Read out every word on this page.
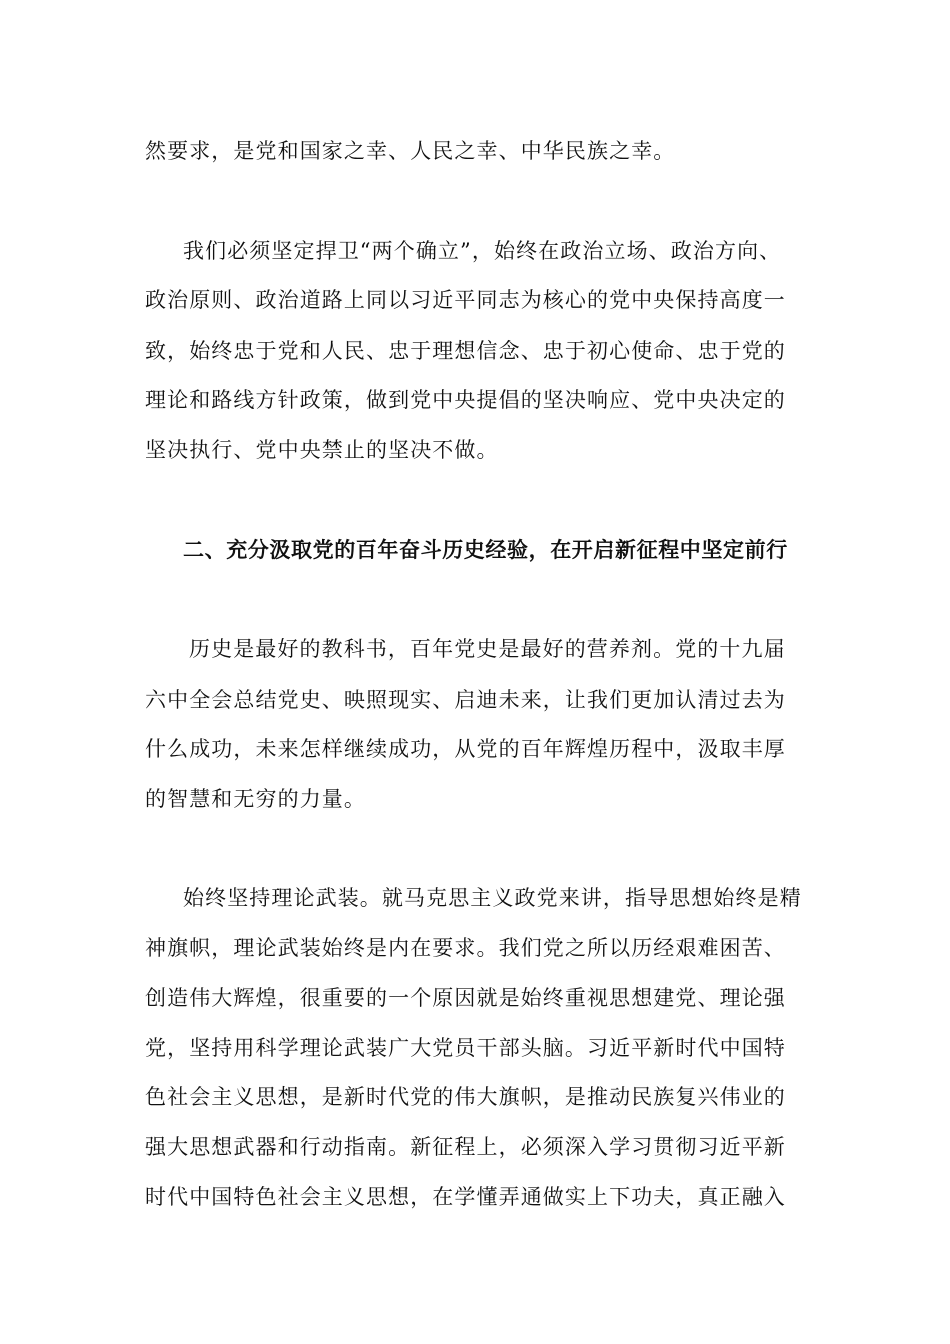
然要求，是党和国家之幸、人民之幸、中华民族之幸。
我们必须坚定捍卫“两个确立”，始终在政治立场、政治方向、
政治原则、政治道路上同以习近平同志为核心的党中央保持高度一
致，始终忠于党和人民、忠于理想信念、忠于初心使命、忠于党的
理论和路线方针政策，做到党中央提倡的坚决响应、党中央决定的
坚决执行、党中央禁止的坚决不做。
二、充分汲取党的百年奋斗历史经验，在开启新征程中坚定前行
历史是最好的教科书，百年党史是最好的营养剂。党的十九届
六中全会总结党史、映照现实、启迪未来，让我们更加认清过去为
什么成功，未来怎样继续成功，从党的百年辉煌历程中，汲取丰厚
的智慧和无穷的力量。
始终坚持理论武装。就马克思主义政党来讲，指导思想始终是精
神旗帜，理论武装始终是内在要求。我们党之所以历经艰难困苦、
创造伟大辉煌，很重要的一个原因就是始终重视思想建党、理论强
党，坚持用科学理论武装广大党员干部头脑。习近平新时代中国特
色社会主义思想，是新时代党的伟大旗帜，是推动民族复兴伟业的
强大思想武器和行动指南。新征程上，必须深入学习贯彻习近平新
时代中国特色社会主义思想，在学懂弄通做实上下功夫，真正融入
